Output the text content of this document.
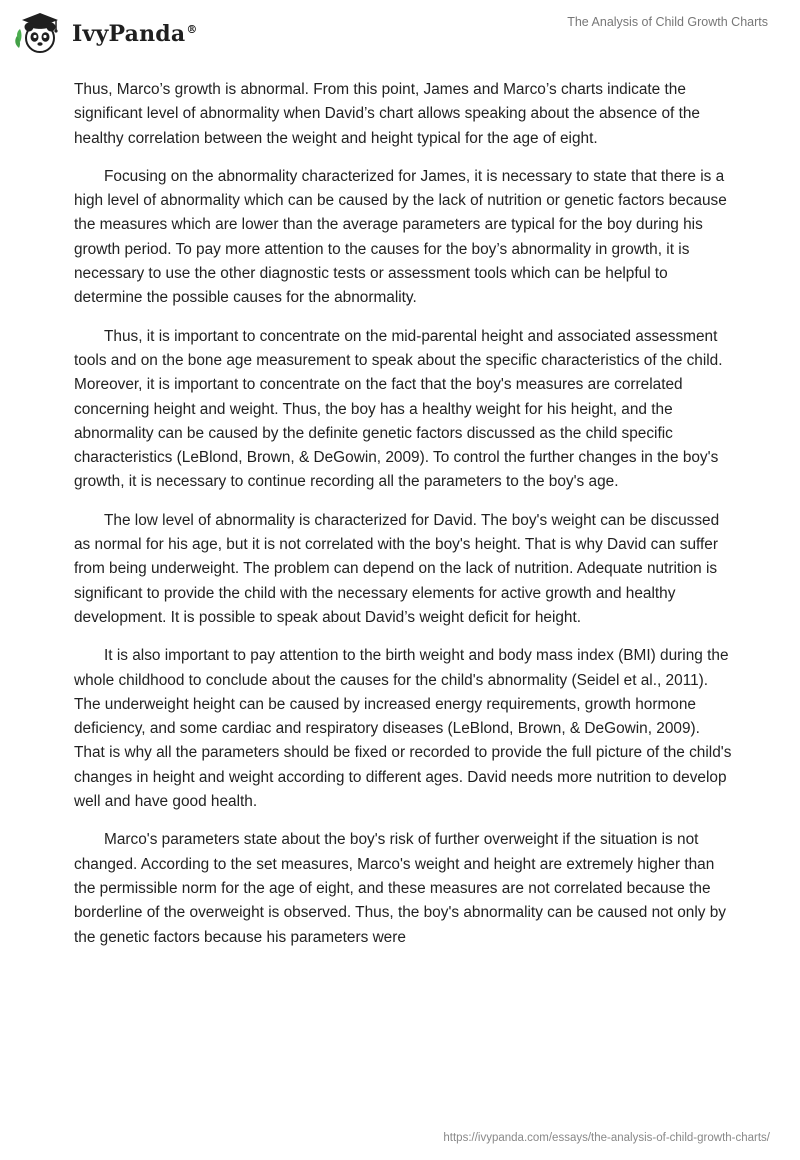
IvyPanda®
The Analysis of Child Growth Charts

Thus, Marco’s growth is abnormal. From this point, James and Marco’s charts indicate the significant level of abnormality when David’s chart allows speaking about the absence of the healthy correlation between the weight and height typical for the age of eight.

Focusing on the abnormality characterized for James, it is necessary to state that there is a high level of abnormality which can be caused by the lack of nutrition or genetic factors because the measures which are lower than the average parameters are typical for the boy during his growth period. To pay more attention to the causes for the boy’s abnormality in growth, it is necessary to use the other diagnostic tests or assessment tools which can be helpful to determine the possible causes for the abnormality.

Thus, it is important to concentrate on the mid-parental height and associated assessment tools and on the bone age measurement to speak about the specific characteristics of the child. Moreover, it is important to concentrate on the fact that the boy's measures are correlated concerning height and weight. Thus, the boy has a healthy weight for his height, and the abnormality can be caused by the definite genetic factors discussed as the child specific characteristics (LeBlond, Brown, & DeGowin, 2009). To control the further changes in the boy's growth, it is necessary to continue recording all the parameters to the boy's age.

The low level of abnormality is characterized for David. The boy's weight can be discussed as normal for his age, but it is not correlated with the boy's height. That is why David can suffer from being underweight. The problem can depend on the lack of nutrition. Adequate nutrition is significant to provide the child with the necessary elements for active growth and healthy development. It is possible to speak about David’s weight deficit for height.

It is also important to pay attention to the birth weight and body mass index (BMI) during the whole childhood to conclude about the causes for the child's abnormality (Seidel et al., 2011). The underweight height can be caused by increased energy requirements, growth hormone deficiency, and some cardiac and respiratory diseases (LeBlond, Brown, & DeGowin, 2009). That is why all the parameters should be fixed or recorded to provide the full picture of the child's changes in height and weight according to different ages. David needs more nutrition to develop well and have good health.

Marco's parameters state about the boy's risk of further overweight if the situation is not changed. According to the set measures, Marco's weight and height are extremely higher than the permissible norm for the age of eight, and these measures are not correlated because the borderline of the overweight is observed. Thus, the boy's abnormality can be caused not only by the genetic factors because his parameters were

https://ivypanda.com/essays/the-analysis-of-child-growth-charts/
